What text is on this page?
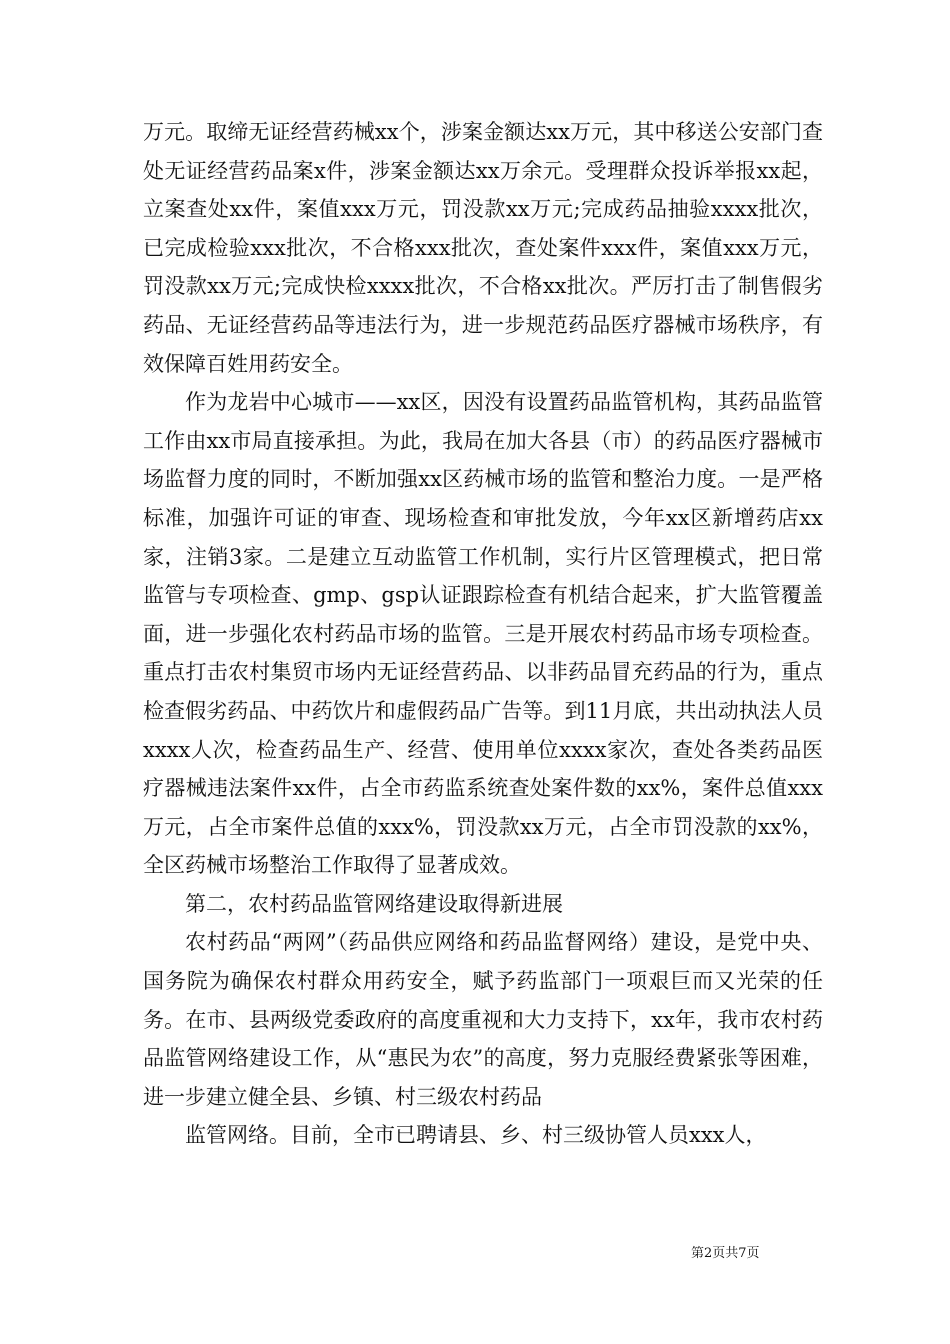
万元。取缔无证经营药械xx个，涉案金额达xx万元，其中移送公安部门查处无证经营药品案x件，涉案金额达xx万余元。受理群众投诉举报xx起，立案查处xx件，案值xxx万元，罚没款xx万元;完成药品抽验xxxx批次，已完成检验xxx批次，不合格xxx批次，查处案件xxx件，案值xxx万元，罚没款xx万元;完成快检xxxx批次，不合格xx批次。严厉打击了制售假劣药品、无证经营药品等违法行为，进一步规范药品医疗器械市场秩序，有效保障百姓用药安全。

作为龙岩中心城市——xx区，因没有设置药品监管机构，其药品监管工作由xx市局直接承担。为此，我局在加大各县（市）的药品医疗器械市场监督力度的同时，不断加强xx区药械市场的监管和整治力度。一是严格标准，加强许可证的审查、现场检查和审批发放，今年xx区新增药店xx家，注销3家。二是建立互动监管工作机制，实行片区管理模式，把日常监管与专项检查、gmp、gsp认证跟踪检查有机结合起来，扩大监管覆盖面，进一步强化农村药品市场的监管。三是开展农村药品市场专项检查。重点打击农村集贸市场内无证经营药品、以非药品冒充药品的行为，重点检查假劣药品、中药饮片和虚假药品广告等。到11月底，共出动执法人员xxxx人次，检查药品生产、经营、使用单位xxxx家次，查处各类药品医疗器械违法案件xx件，占全市药监系统查处案件数的xx%，案件总值xxx万元，占全市案件总值的xxx%，罚没款xx万元，占全市罚没款的xx%，全区药械市场整治工作取得了显著成效。

第二，农村药品监管网络建设取得新进展

农村药品“两网”（药品供应网络和药品监督网络）建设，是党中央、国务院为确保农村群众用药安全，赋予药监部门一项艰巨而又光荣的任务。在市、县两级党委政府的高度重视和大力支持下，xx年，我市农村药品监管网络建设工作，从“惠民为农”的高度，努力克服经费紧张等困难，进一步建立健全县、乡镇、村三级农村药品

监管网络。目前，全市已聘请县、乡、村三级协管人员xxx人，

第2页共7页
